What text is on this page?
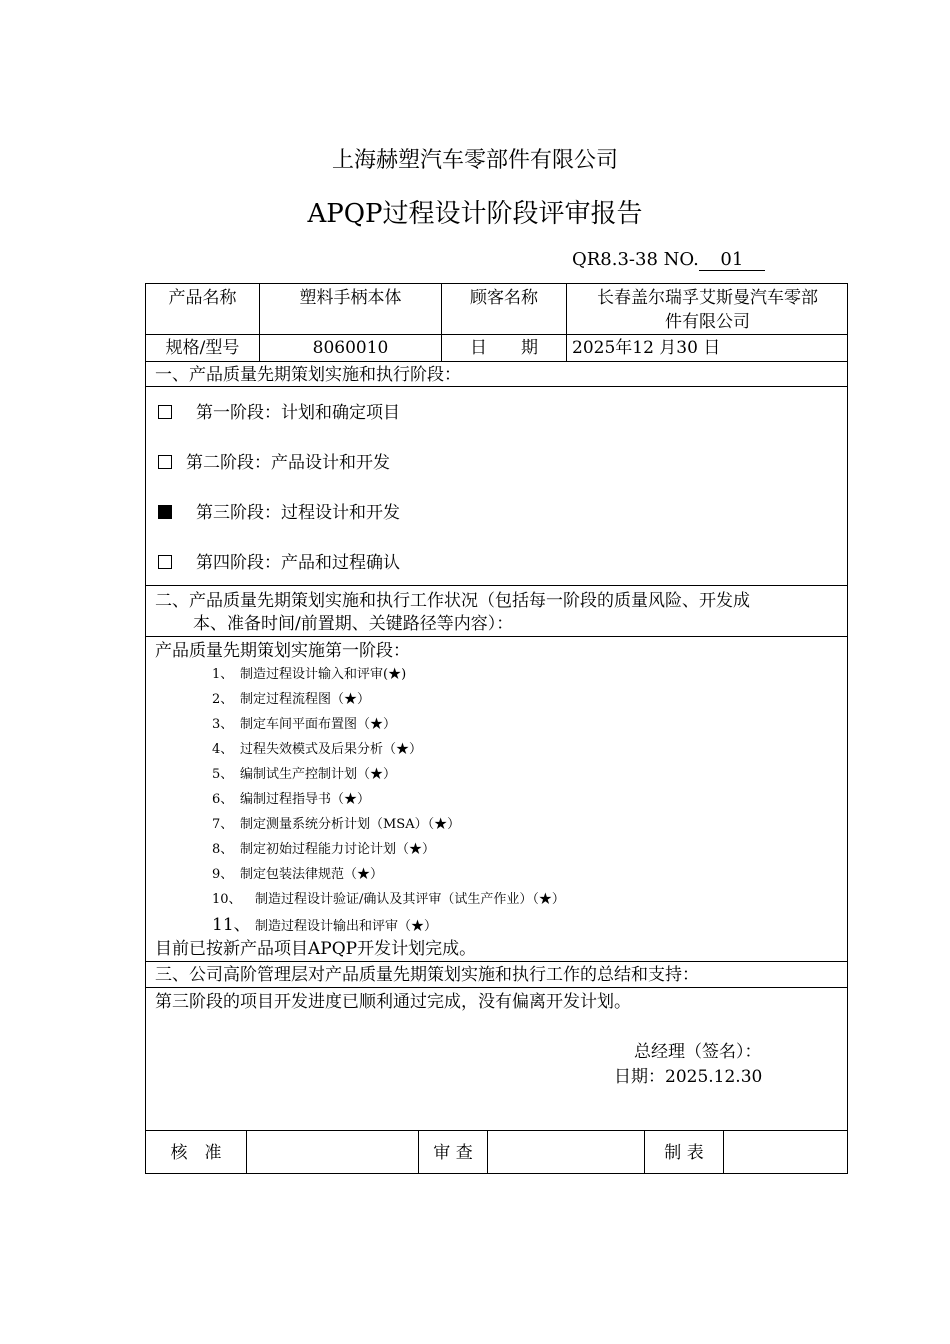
上海赫塑汽车零部件有限公司
APQP过程设计阶段评审报告
QR8.3-38 NO. 01
产品名称	塑料手柄本体	顾客名称	长春盖尔瑞孚艾斯曼汽车零部
件有限公司
规格/型号	8060010	日　　期	2025年12 月30 日
一、产品质量先期策划实施和执行阶段：
第一阶段：计划和确定项目
第二阶段：产品设计和开发
第三阶段：过程设计和开发
第四阶段：产品和过程确认
二、产品质量先期策划实施和执行工作状况（包括每一阶段的质量风险、开发成
本、准备时间/前置期、关键路径等内容）：
产品质量先期策划实施第一阶段：
1、 制造过程设计输入和评审(★)
2、 制定过程流程图（★）
3、 制定车间平面布置图（★）
4、 过程失效模式及后果分析（★）
5、 编制试生产控制计划（★）
6、 编制过程指导书（★）
7、 制定测量系统分析计划（MSA）（★）
8、 制定初始过程能力讨论计划（★）
9、 制定包装法律规范（★）
10、 制造过程设计验证/确认及其评审（试生产作业）（★）
11、 制造过程设计输出和评审（★）
目前已按新产品项目APQP开发计划完成。
三、公司高阶管理层对产品质量先期策划实施和执行工作的总结和支持：
第三阶段的项目开发进度已顺利通过完成，没有偏离开发计划。
总经理（签名）：
日期：2025.12.30
核　准	审 查	制 表
